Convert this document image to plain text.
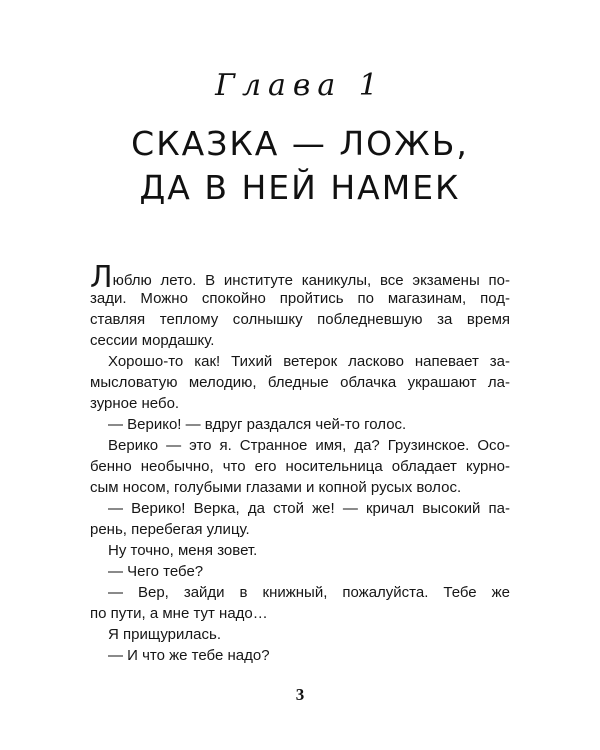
Глава 1
СКАЗКА — ЛОЖЬ,
ДА В НЕЙ НАМЕК
Люблю лето. В институте каникулы, все экзамены по-
зади. Можно спокойно пройтись по магазинам, под-
ставляя теплому солнышку побледневшую за время
сессии мордашку.
Хорошо-то как! Тихий ветерок ласково напевает за-
мысловатую мелодию, бледные облачка украшают ла-
зурное небо.
— Верико! — вдруг раздался чей-то голос.
Верико — это я. Странное имя, да? Грузинское. Осо-
бенно необычно, что его носительница обладает курно-
сым носом, голубыми глазами и копной русых волос.
— Верико! Верка, да стой же! — кричал высокий па-
рень, перебегая улицу.
Ну точно, меня зовет.
— Чего тебе?
— Вер, зайди в книжный, пожалуйста. Тебе же
по пути, а мне тут надо…
Я прищурилась.
— И что же тебе надо?
3
